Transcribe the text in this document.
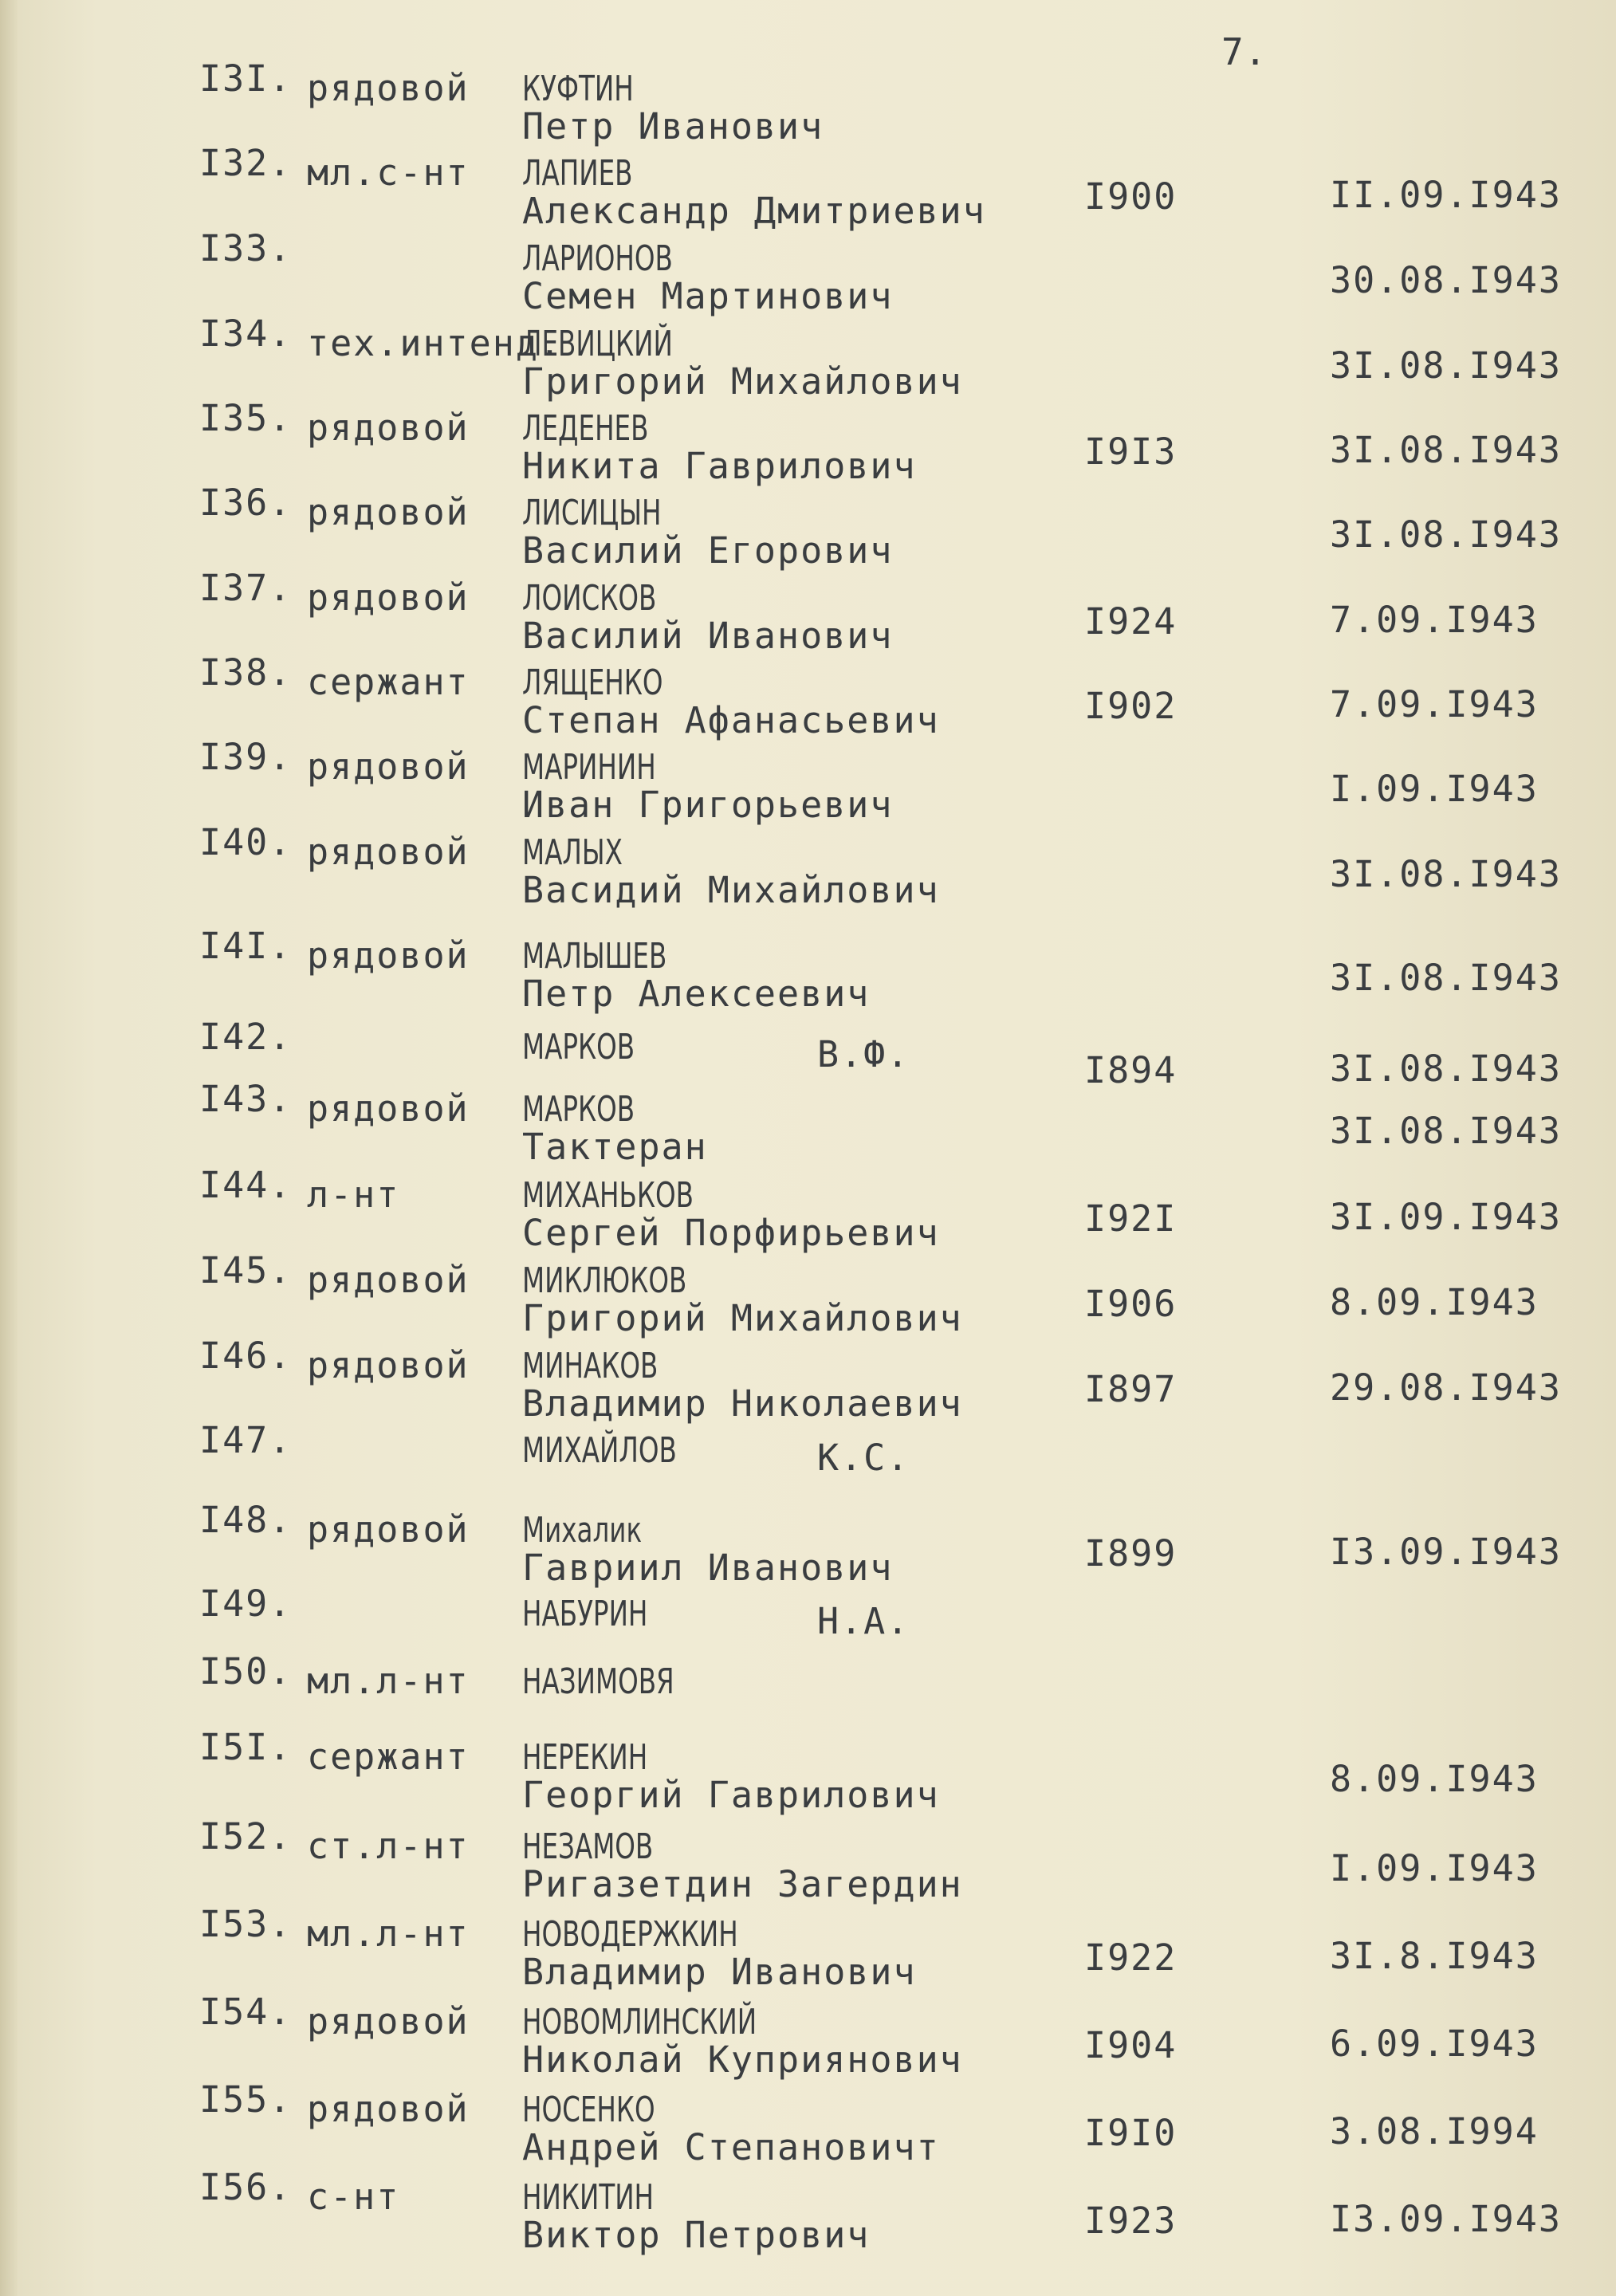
7.
I3I. рядовой КУФТИН
Петр Иванович
I32. мл.с-нт ЛАПИЕВ
Александр Дмитриевич	I900	II.09.I943
I33.	ЛАРИОНОВ
Семен Мартинович	30.08.I943
I34. тех.интенд.
ЛЕВИЦКИЙ
Григорий Михайлович	3I.08.I943
I35. рядовой ЛЕДЕНЕВ
Никита Гаврилович	I9I3	3I.08.I943
I36. рядовой ЛИСИЦЫН
Василий Егорович	3I.08.I943
I37. рядовой ЛОИСКОВ
Василий Иванович	I924	7.09.I943
I38. сержант ЛЯЩЕНКО
Степан Афанасьевич	I902	7.09.I943
I39. рядовой МАРИНИН
Иван Григорьевич	I.09.I943
I40. рядовой МАЛЫХ
Васидий Михайлович	3I.08.I943
I4I. рядовой МАЛЫШЕВ
Петр Алексеевич	3I.08.I943
I42.	МАРКОВ	В.Ф.	I894	3I.08.I943
I43. рядовой МАРКОВ
Тактеран	3I.08.I943
I44. л-нт	МИХАНЬКОВ
Сергей Порфирьевич	I92I	3I.09.I943
I45. рядовой МИКЛЮКОВ
Григорий Михайлович	I906	8.09.I943
I46. рядовой МИНАКОВ
Владимир Николаевич	I897	29.08.I943
I47.	МИХАЙЛОВ	К.С.
I48. рядовой Михалик
Гавриил Иванович	I899	I3.09.I943
I49.	НАБУРИН	Н.А.
I50. мл.л-нт НАЗИМОВЯ
I5I. сержант НЕРЕКИН
Георгий Гаврилович	8.09.I943
I52. ст.л-нт НЕЗАМОВ
Ригазетдин Загердин	I.09.I943
I53. мл.л-нт НОВОДЕРЖКИН
Владимир Иванович	I922	3I.8.I943
I54. рядовой НОВОМЛИНСКИЙ
Николай Куприянович	I904	6.09.I943
I55. рядовой НОСЕНКО
Андрей Степановичт	I9I0	3.08.I994
I56. с-нт	НИКИТИН
Виктор Петрович	I923	I3.09.I943
